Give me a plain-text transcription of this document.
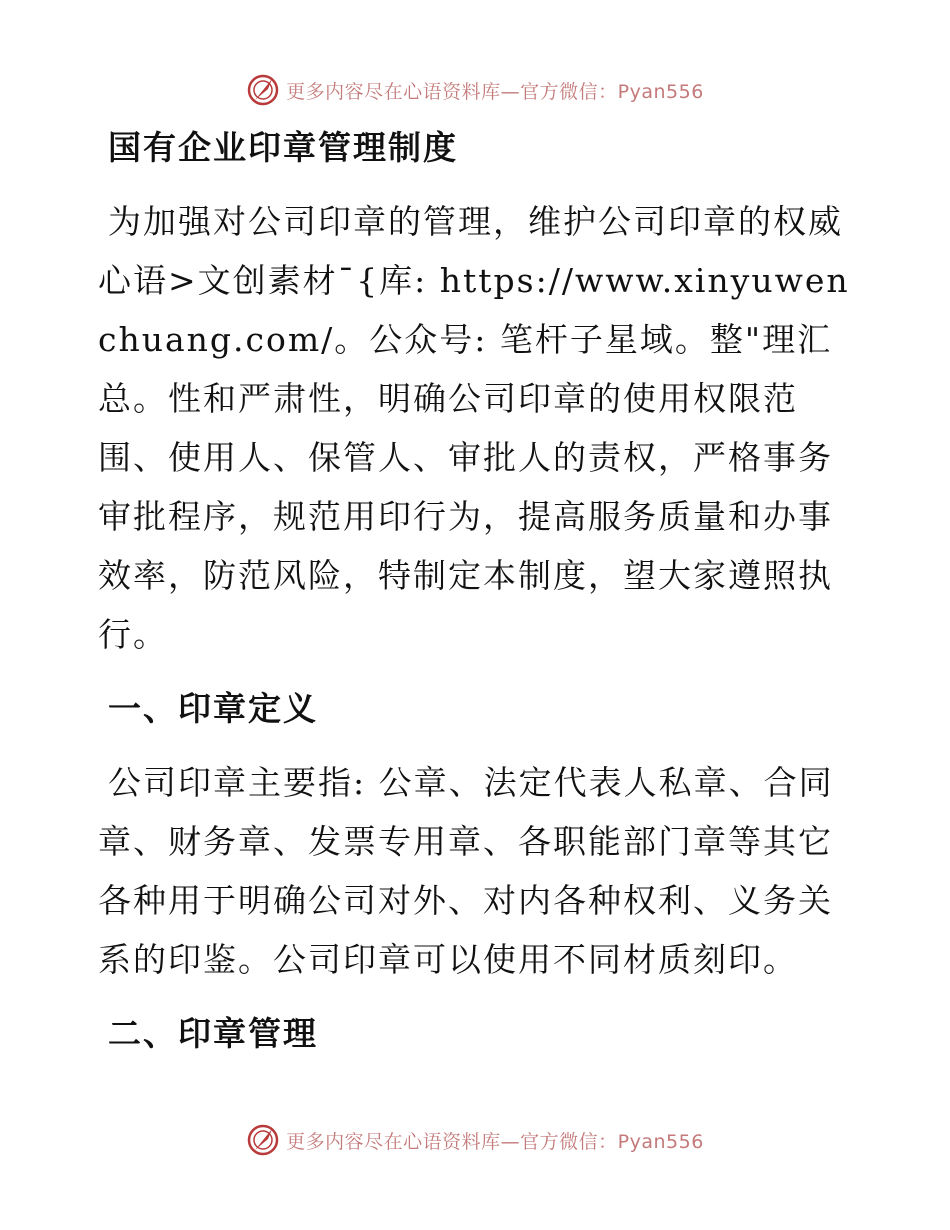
更多内容尽在心语资料库—官方微信：Pyan556
国有企业印章管理制度

为加强对公司印章的管理，维护公司印章的权威心语>文创素材¯{库: https://www.xinyuwenchuang.com/。公众号: 笔杆子星域。整"理汇总。性和严肃性，明确公司印章的使用权限范围、使用人、保管人、审批人的责权，严格事务审批程序，规范用印行为，提高服务质量和办事效率，防范风险，特制定本制度，望大家遵照执行。

一、印章定义

公司印章主要指: 公章、法定代表人私章、合同章、财务章、发票专用章、各职能部门章等其它各种用于明确公司对外、对内各种权利、义务关系的印鉴。公司印章可以使用不同材质刻印。

二、印章管理
更多内容尽在心语资料库—官方微信：Pyan556
